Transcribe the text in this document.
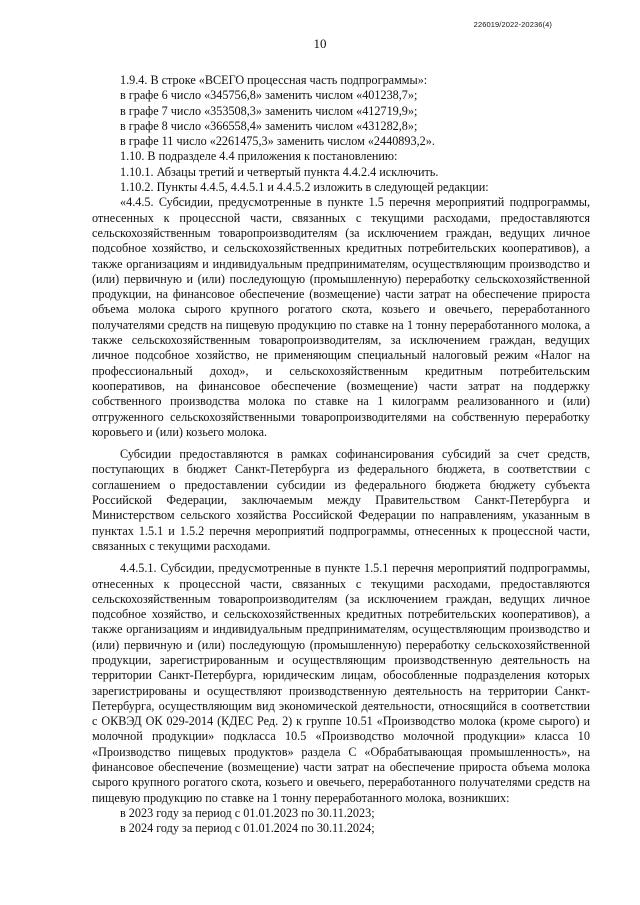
226019/2022-20236(4)
10

1.9.4. В строке «ВСЕГО процессная часть подпрограммы»:

в графе 6 число «345756,8» заменить числом «401238,7»;

в графе 7 число «353508,3» заменить числом «412719,9»;

в графе 8 число «366558,4» заменить числом «431282,8»;

в графе 11 число «2261475,3» заменить числом «2440893,2».

1.10. В подразделе 4.4 приложения к постановлению:

1.10.1. Абзацы третий и четвертый пункта 4.4.2.4 исключить.

1.10.2. Пункты 4.4.5, 4.4.5.1 и 4.4.5.2 изложить в следующей редакции:

«4.4.5. Субсидии, предусмотренные в пункте 1.5 перечня мероприятий подпрограммы, отнесенных к процессной части, связанных с текущими расходами, предоставляются сельскохозяйственным товаропроизводителям (за исключением граждан, ведущих личное подсобное хозяйство, и сельскохозяйственных кредитных потребительских кооперативов), а также организациям и индивидуальным предпринимателям, осуществляющим производство и (или) первичную и (или) последующую (промышленную) переработку сельскохозяйственной продукции, на финансовое обеспечение (возмещение) части затрат на обеспечение прироста объема молока сырого крупного рогатого скота, козьего и овечьего, переработанного получателями средств на пищевую продукцию по ставке на 1 тонну переработанного молока, а также сельскохозяйственным товаропроизводителям, за исключением граждан, ведущих личное подсобное хозяйство, не применяющим специальный налоговый режим «Налог на профессиональный доход», и сельскохозяйственным кредитным потребительским кооперативов, на финансовое обеспечение (возмещение) части затрат на поддержку собственного производства молока по ставке на 1 килограмм реализованного и (или) отгруженного сельскохозяйственными товаропроизводителями на собственную переработку коровьего и (или) козьего молока.

Субсидии предоставляются в рамках софинансирования субсидий за счет средств, поступающих в бюджет Санкт-Петербурга из федерального бюджета, в соответствии с соглашением о предоставлении субсидии из федерального бюджета бюджету субъекта Российской Федерации, заключаемым между Правительством Санкт-Петербурга и Министерством сельского хозяйства Российской Федерации по направлениям, указанным в пунктах 1.5.1 и 1.5.2 перечня мероприятий подпрограммы, отнесенных к процессной части, связанных с текущими расходами.

4.4.5.1. Субсидии, предусмотренные в пункте 1.5.1 перечня мероприятий подпрограммы, отнесенных к процессной части, связанных с текущими расходами, предоставляются сельскохозяйственным товаропроизводителям (за исключением граждан, ведущих личное подсобное хозяйство, и сельскохозяйственных кредитных потребительских кооперативов), а также организациям и индивидуальным предпринимателям, осуществляющим производство и (или) первичную и (или) последующую (промышленную) переработку сельскохозяйственной продукции, зарегистрированным и осуществляющим производственную деятельность на территории Санкт-Петербурга, юридическим лицам, обособленные подразделения которых зарегистрированы и осуществляют производственную деятельность на территории Санкт-Петербурга, осуществляющим вид экономической деятельности, относящийся в соответствии с ОКВЭД ОК 029-2014 (КДЕС Ред. 2) к группе 10.51 «Производство молока (кроме сырого) и молочной продукции» подкласса 10.5 «Производство молочной продукции» класса 10 «Производство пищевых продуктов» раздела С «Обрабатывающая промышленность», на финансовое обеспечение (возмещение) части затрат на обеспечение прироста объема молока сырого крупного рогатого скота, козьего и овечьего, переработанного получателями средств на пищевую продукцию по ставке на 1 тонну переработанного молока, возникших:

в 2023 году за период с 01.01.2023 по 30.11.2023;

в 2024 году за период с 01.01.2024 по 30.11.2024;
